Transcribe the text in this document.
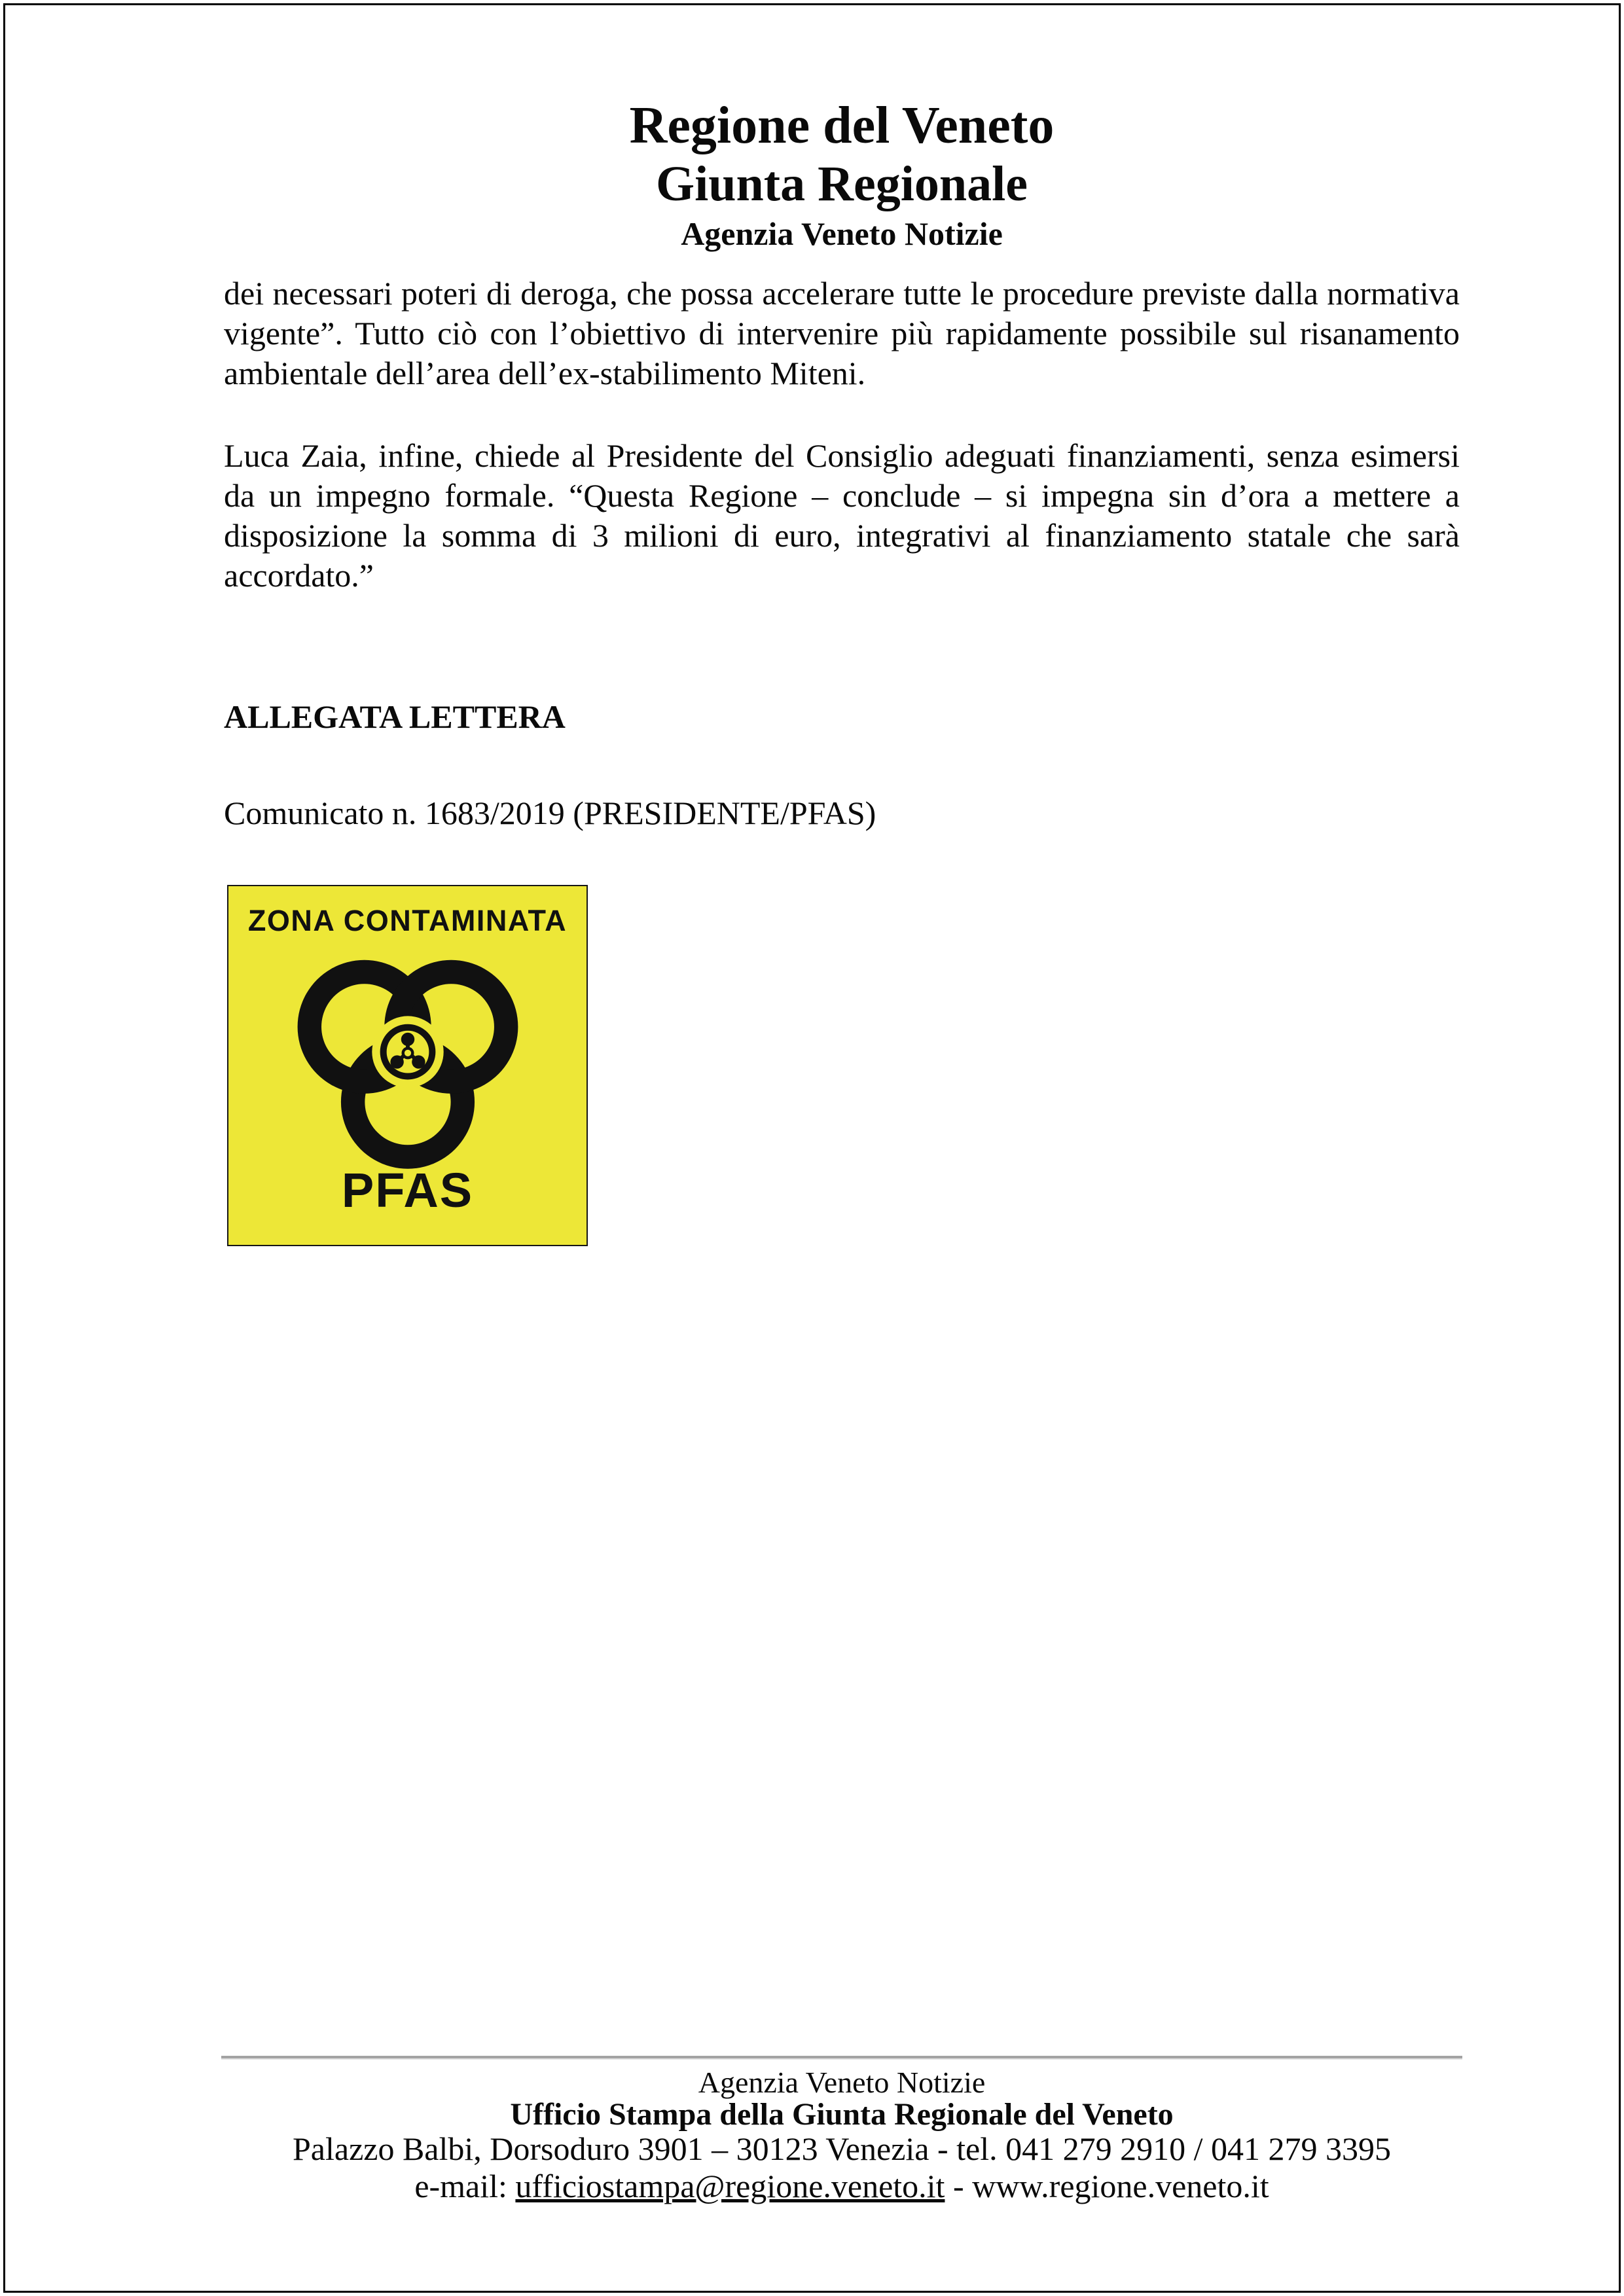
Regione del Veneto
Giunta Regionale
Agenzia Veneto Notizie

dei necessari poteri di deroga, che possa accelerare tutte le procedure previste dalla normativa vigente”. Tutto ciò con l’obiettivo di intervenire più rapidamente possibile sul risanamento ambientale dell’area dell’ex-stabilimento Miteni.

Luca Zaia, infine, chiede al Presidente del Consiglio adeguati finanziamenti, senza esimersi da un impegno formale. “Questa Regione – conclude – si impegna sin d’ora a mettere a disposizione la somma di 3 milioni di euro, integrativi al finanziamento statale che sarà accordato.”

ALLEGATA LETTERA
Comunicato n. 1683/2019 (PRESIDENTE/PFAS)
ZONA CONTAMINATA
PFAS
Agenzia Veneto Notizie
Ufficio Stampa della Giunta Regionale del Veneto
Palazzo Balbi, Dorsoduro 3901 – 30123 Venezia - tel. 041 279 2910 / 041 279 3395
e-mail: ufficiostampa@regione.veneto.it - www.regione.veneto.it
